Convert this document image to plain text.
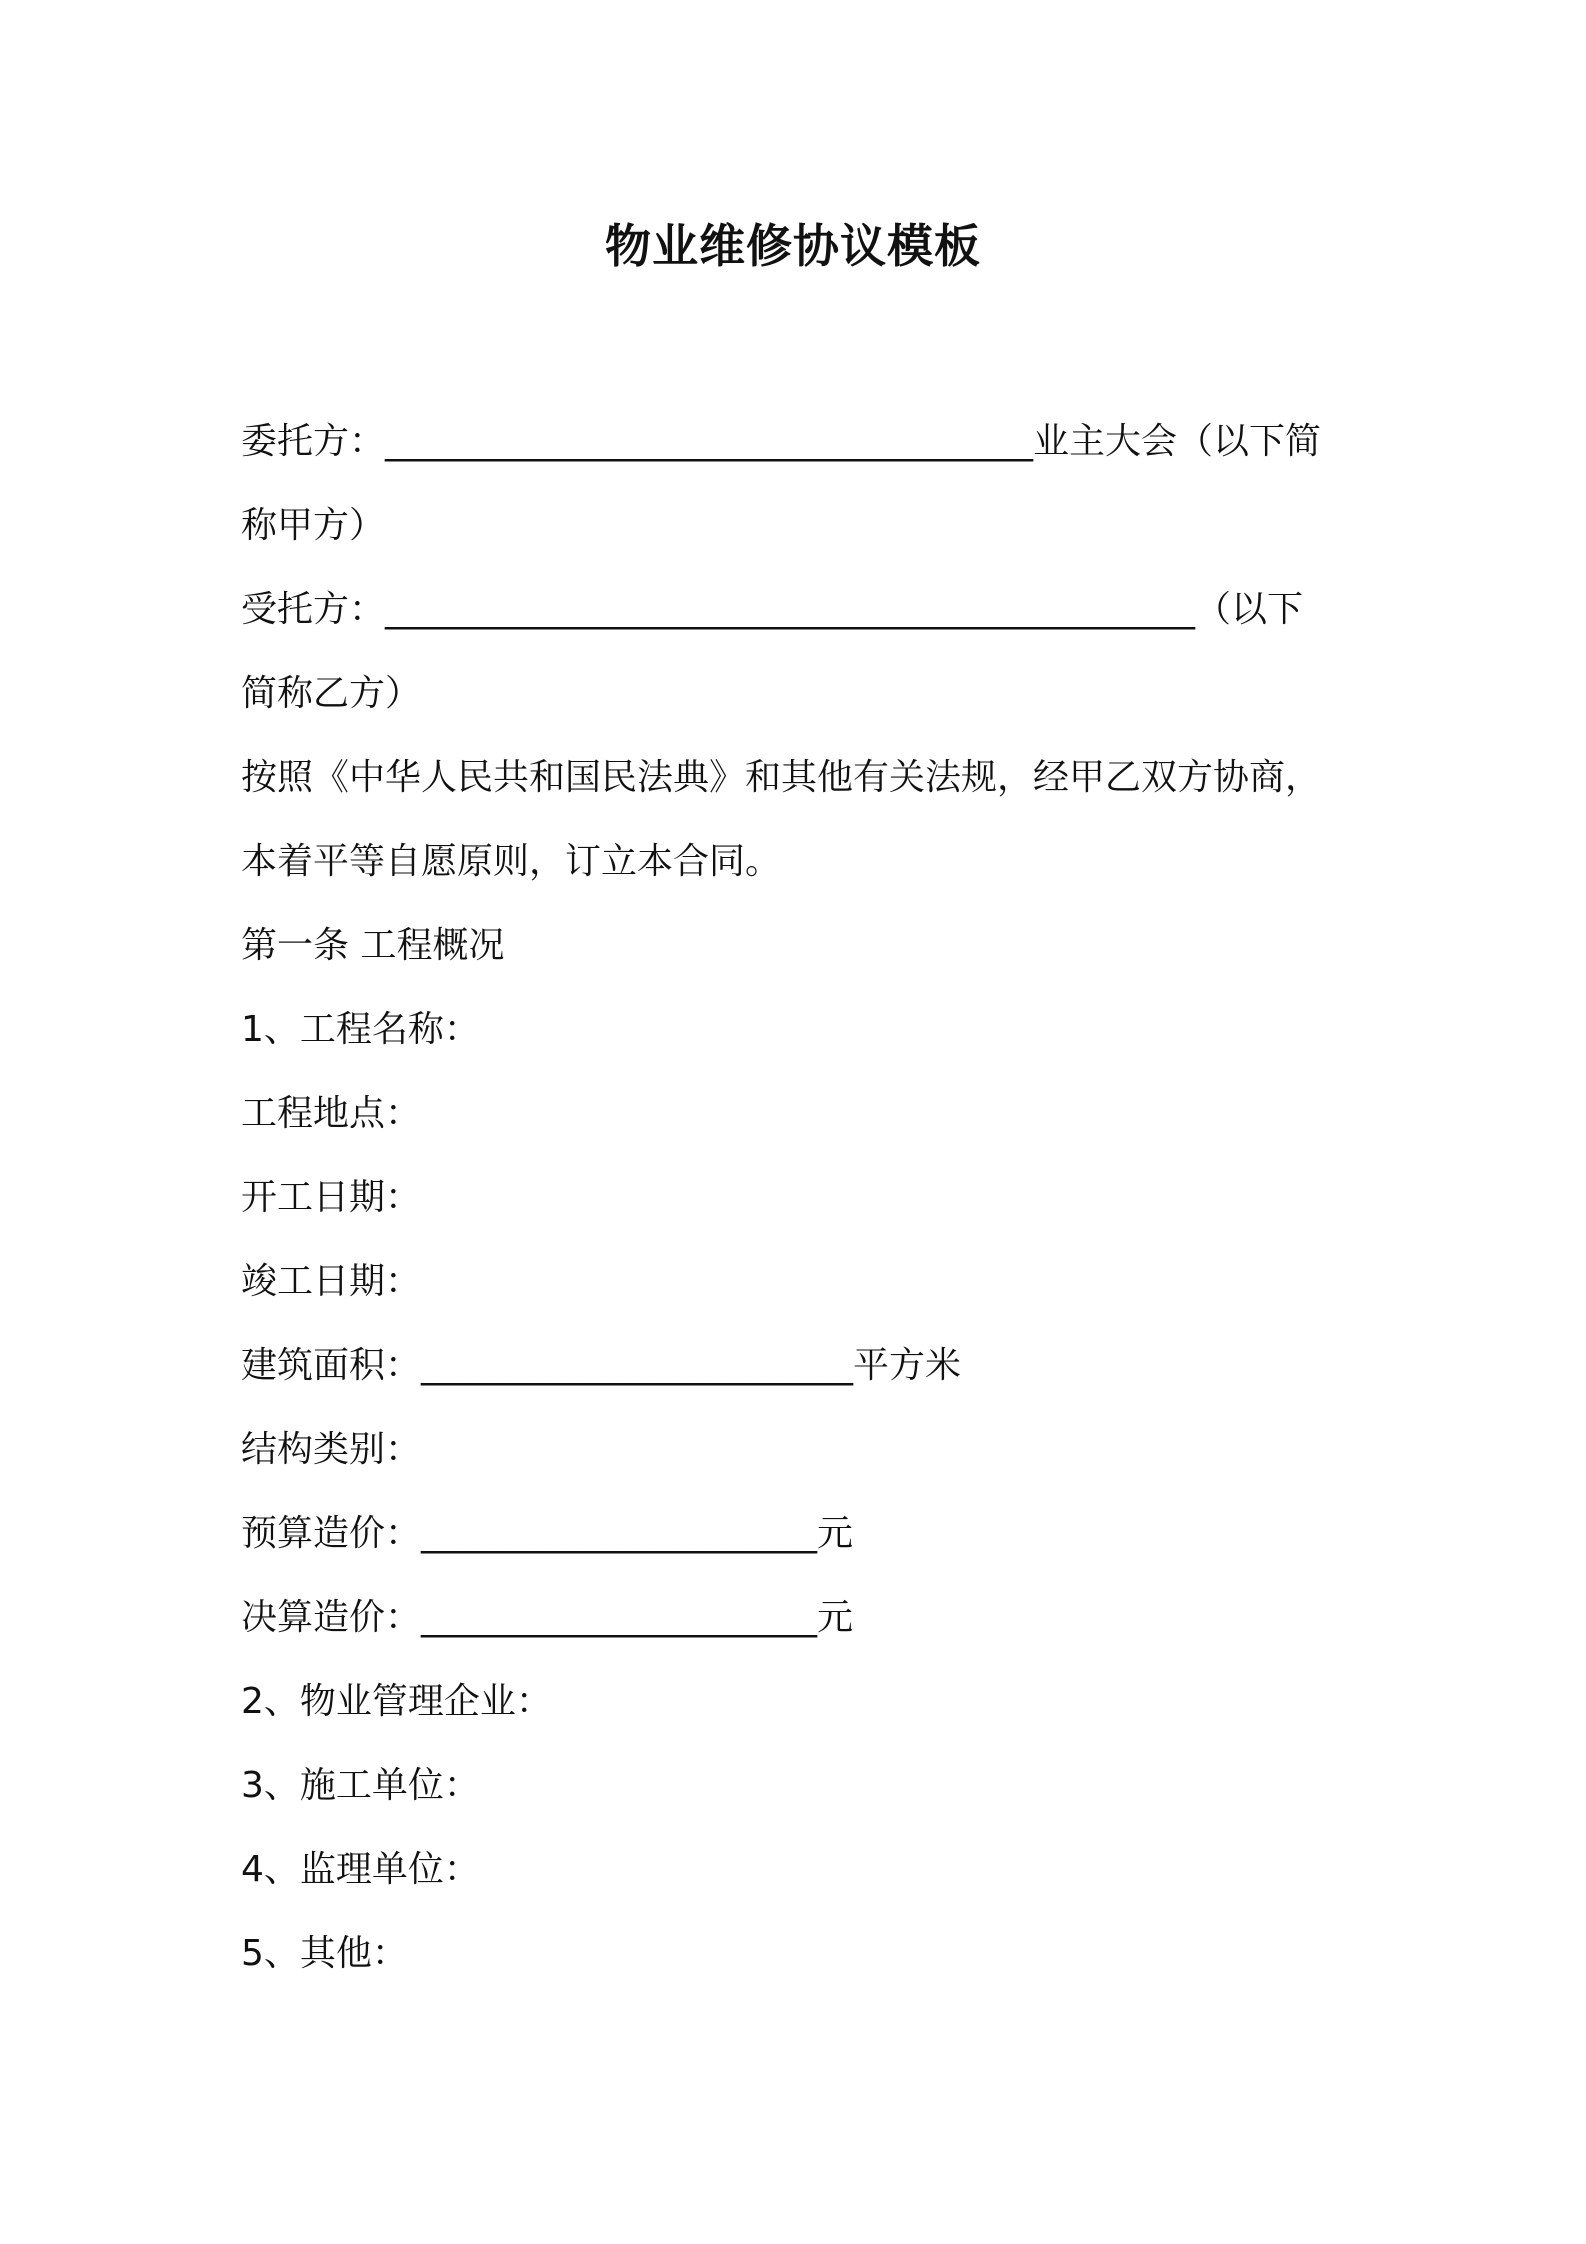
物业维修协议模板
委托方：____________________________________业主大会（以下简
称甲方）
受托方：_____________________________________________（以下
简称乙方）
按照《中华人民共和国民法典》和其他有关法规，经甲乙双方协商，
本着平等自愿原则，订立本合同。
第一条 工程概况
1、工程名称：
工程地点：
开工日期：
竣工日期：
建筑面积：________________________平方米
结构类别：
预算造价：______________________元
决算造价：______________________元
2、物业管理企业：
3、施工单位：
4、监理单位：
5、其他：
